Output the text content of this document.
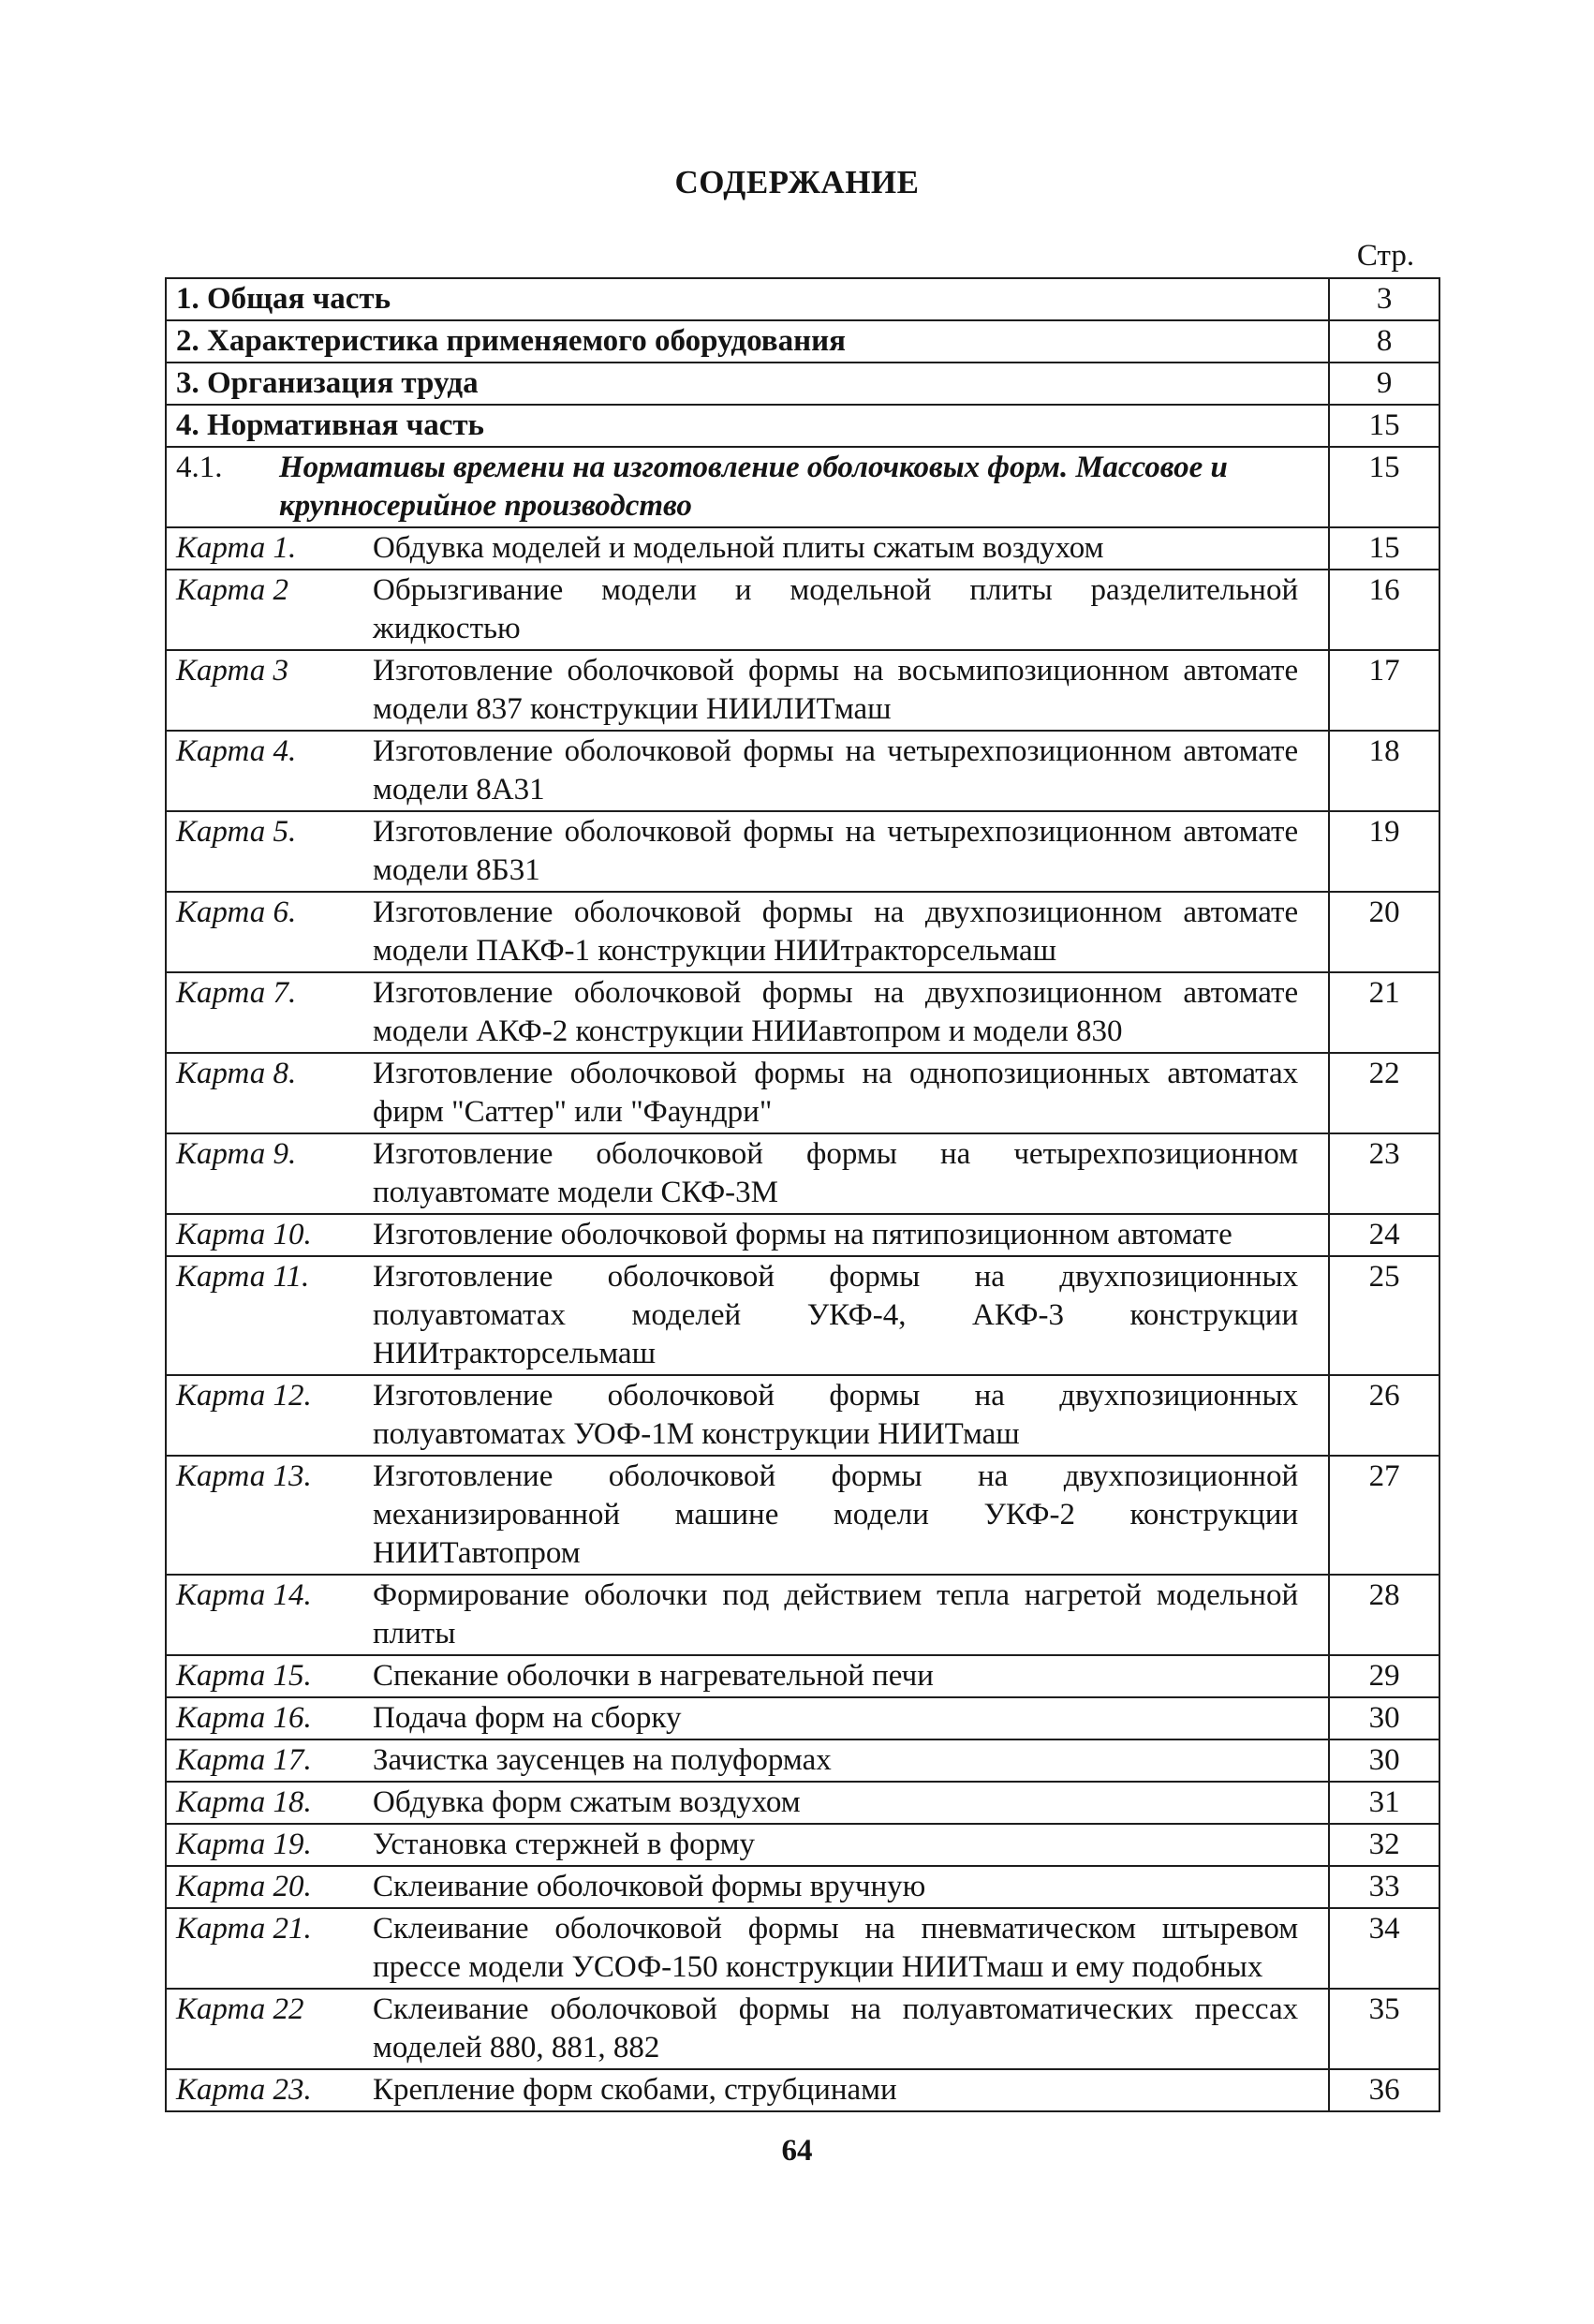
СОДЕРЖАНИЕ
Стр.
1. Общая часть	3
2. Характеристика применяемого оборудования	8
3. Организация труда	9
4. Нормативная часть	15

4.1. Нормативы времени на изготовление оболочковых форм. Массовое и крупносерийное производство	15

Карта 1. Обдувка моделей и модельной плиты сжатым воздухом	15

Карта 2 Обрызгивание модели и модельной плиты разделительной жидкостью	16

Карта 3 Изготовление оболочковой формы на восьмипозиционном автомате модели 837 конструкции НИИЛИТмаш	17

Карта 4. Изготовление оболочковой формы на четырехпозиционном автомате модели 8А31	18

Карта 5. Изготовление оболочковой формы на четырехпозиционном автомате модели 8Б31	19

Карта 6. Изготовление оболочковой формы на двухпозиционном автомате модели ПАКФ-1 конструкции НИИтракторсельмаш	20

Карта 7. Изготовление оболочковой формы на двухпозиционном автомате модели АКФ-2 конструкции НИИавтопром и модели 830	21

Карта 8. Изготовление оболочковой формы на однопозиционных автоматах фирм "Саттер" или "Фаундри"	22

Карта 9. Изготовление оболочковой формы на четырехпозиционном полуавтомате модели СКФ-3М	23

Карта 10. Изготовление оболочковой формы на пятипозиционном автомате	24

Карта 11. Изготовление оболочковой формы на двухпозиционных полуавтоматах моделей УКФ-4, АКФ-3 конструкции НИИтракторсельмаш	25

Карта 12. Изготовление оболочковой формы на двухпозиционных полуавтоматах УОФ-1М конструкции НИИТмаш	26

Карта 13. Изготовление оболочковой формы на двухпозиционной механизированной машине модели УКФ-2 конструкции НИИТавтопром	27

Карта 14. Формирование оболочки под действием тепла нагретой модельной плиты	28

Карта 15. Спекание оболочки в нагревательной печи	29

Карта 16. Подача форм на сборку	30

Карта 17. Зачистка заусенцев на полуформах	30

Карта 18. Обдувка форм сжатым воздухом	31

Карта 19. Установка стержней в форму	32

Карта 20. Склеивание оболочковой формы вручную	33

Карта 21. Склеивание оболочковой формы на пневматическом штыревом прессе модели УСОФ-150 конструкции НИИТмаш и ему подобных	34

Карта 22 Склеивание оболочковой формы на полуавтоматических прессах моделей 880, 881, 882	35

Карта 23. Крепление форм скобами, струбцинами	36
64
